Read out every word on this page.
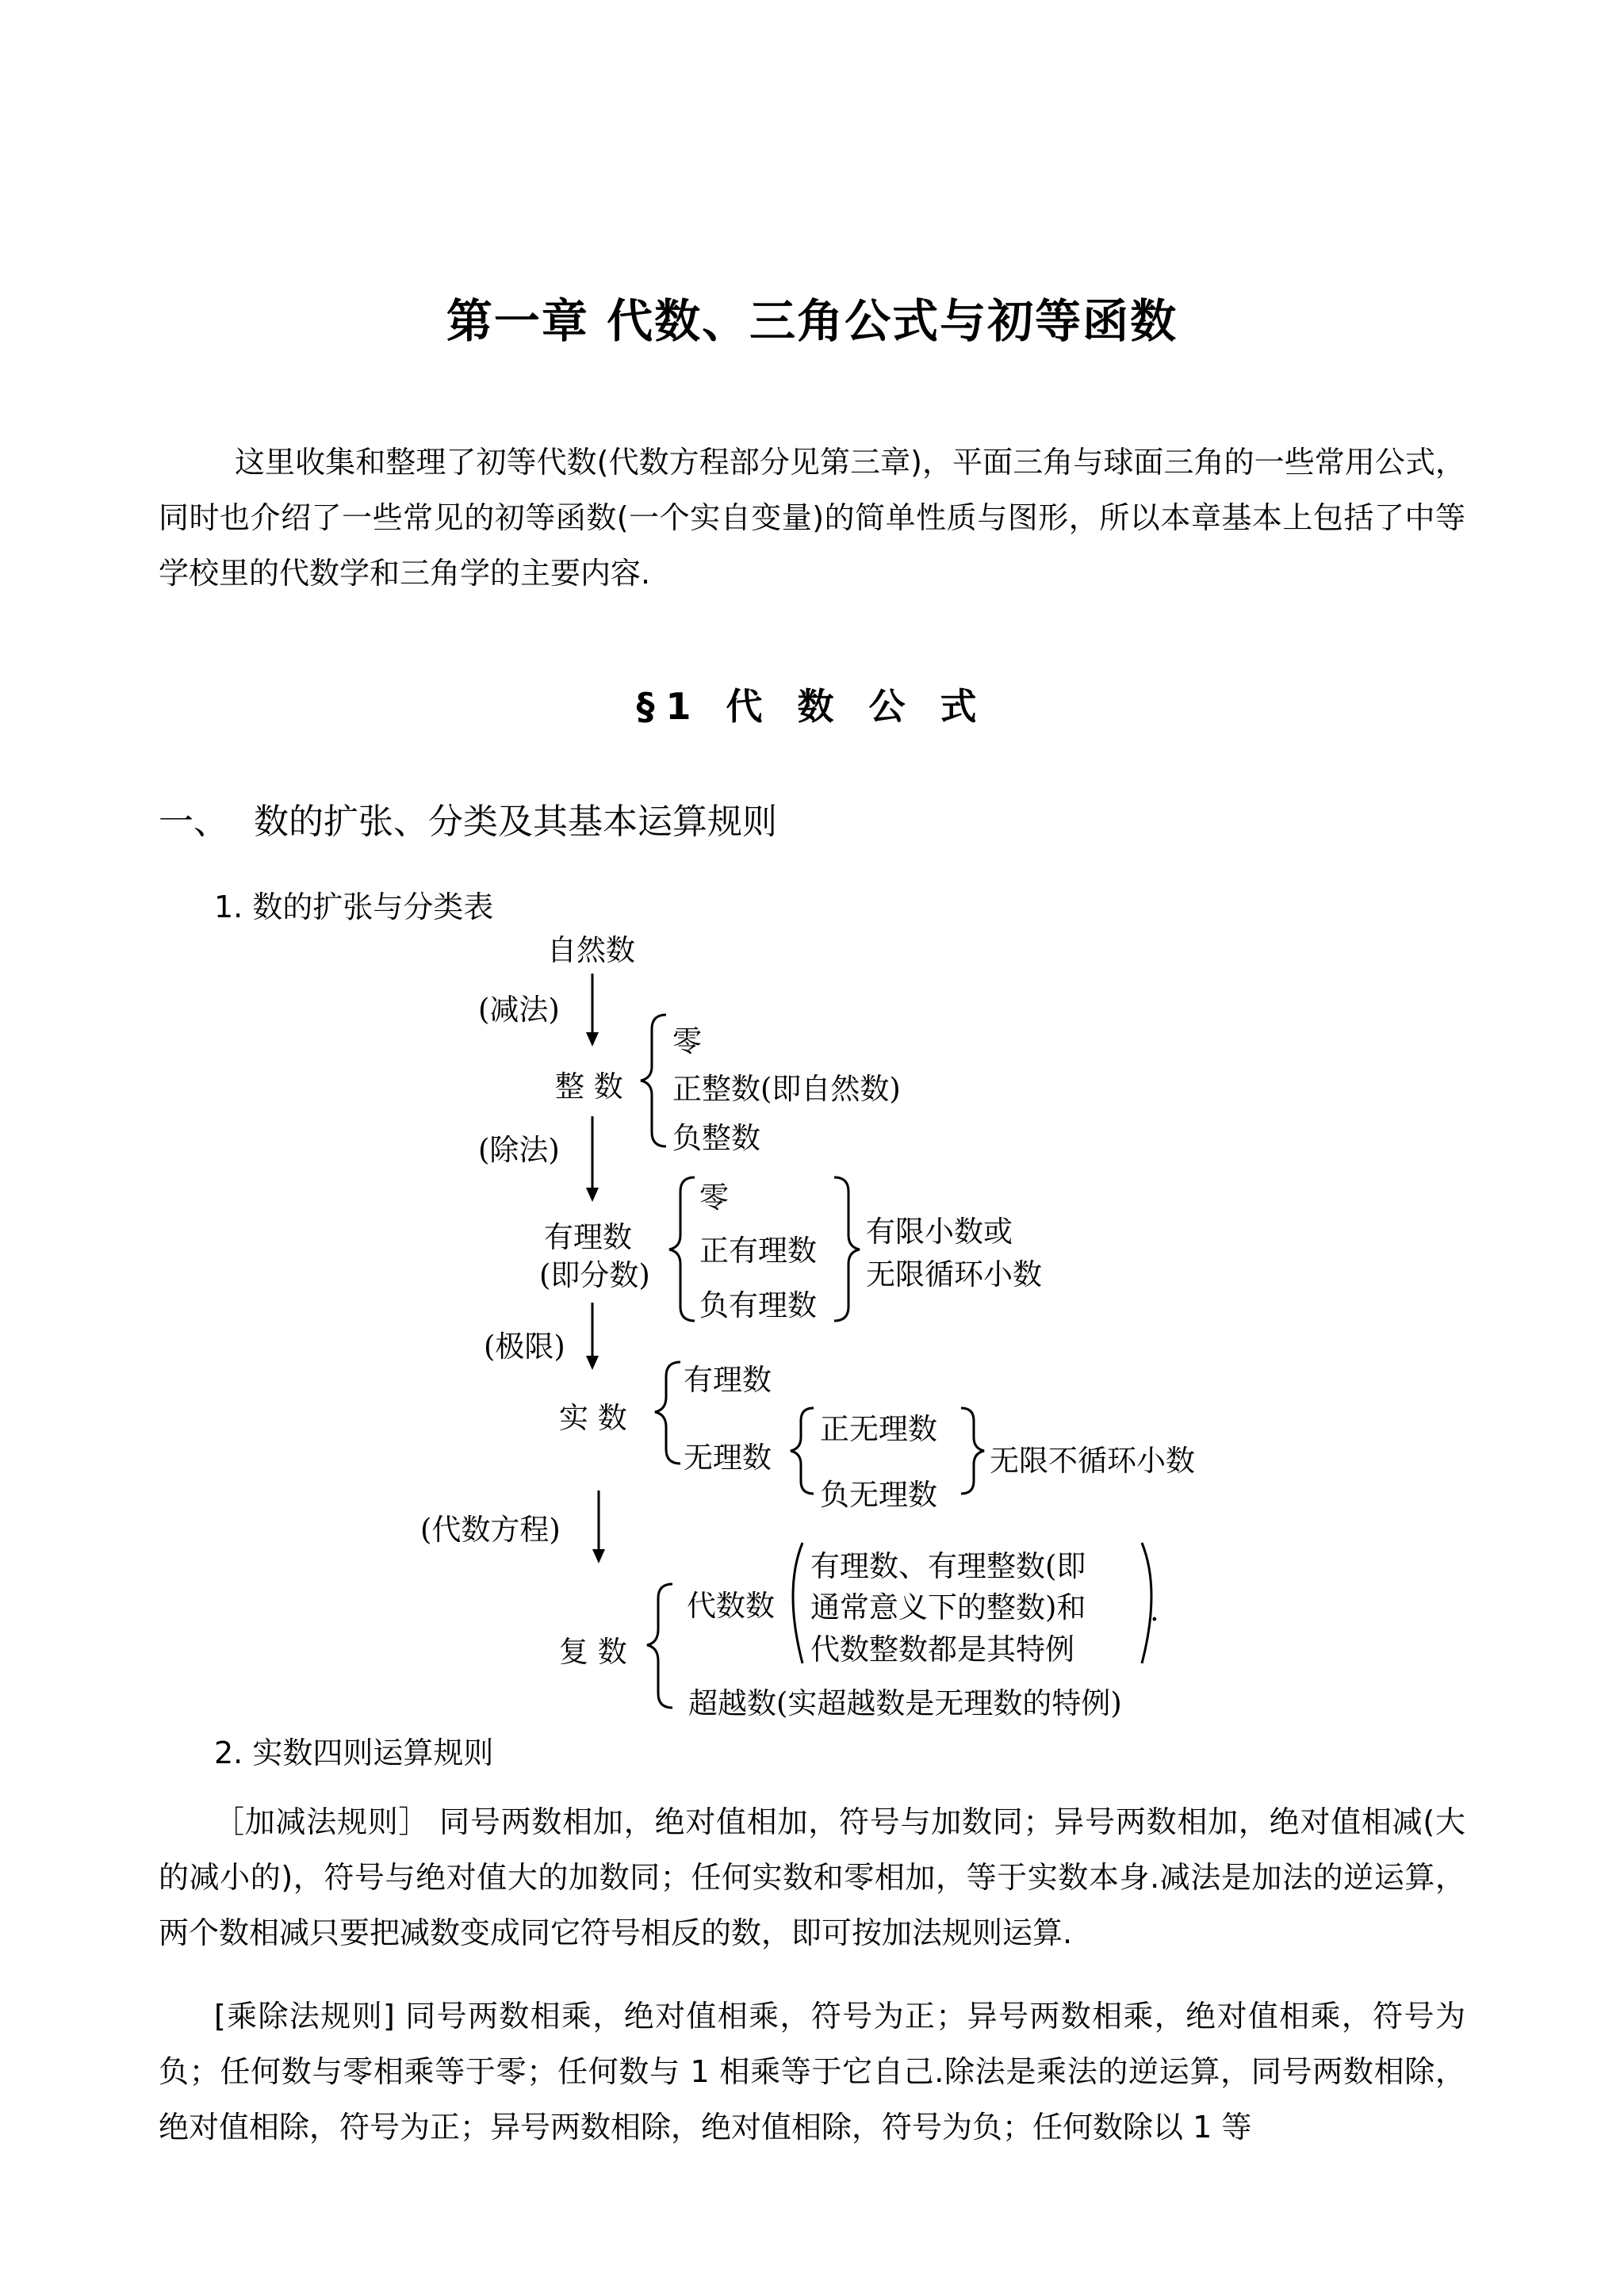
第一章 代数、三角公式与初等函数
这里收集和整理了初等代数(代数方程部分见第三章)，平面三角与球面三角的一些常用公式，同时也介绍了一些常见的初等函数(一个实自变量)的简单性质与图形，所以本章基本上包括了中等学校里的代数学和三角学的主要内容.
§1 代 数 公 式
一、 数的扩张、分类及其基本运算规则
1. 数的扩张与分类表
自然数
(减法)
整 数
零
正整数(即自然数)
负整数
(除法)
有理数
(即分数)
零
正有理数
负有理数
有限小数或
无限循环小数
(极限)
实 数
有理数
无理数
正无理数
负无理数
无限不循环小数
(代数方程)
复 数
代数数
有理数、有理整数(即
通常意义下的整数)和
代数整数都是其特例
.
超越数(实超越数是无理数的特例)
2. 实数四则运算规则
［加减法规则］ 同号两数相加，绝对值相加，符号与加数同；异号两数相加，绝对值相减(大的减小的)，符号与绝对值大的加数同；任何实数和零相加，等于实数本身.减法是加法的逆运算，两个数相减只要把减数变成同它符号相反的数，即可按加法规则运算.
[乘除法规则] 同号两数相乘，绝对值相乘，符号为正；异号两数相乘，绝对值相乘，符号为负；任何数与零相乘等于零；任何数与 1 相乘等于它自己.除法是乘法的逆运算，同号两数相除，绝对值相除，符号为正；异号两数相除，绝对值相除，符号为负；任何数除以 1 等
